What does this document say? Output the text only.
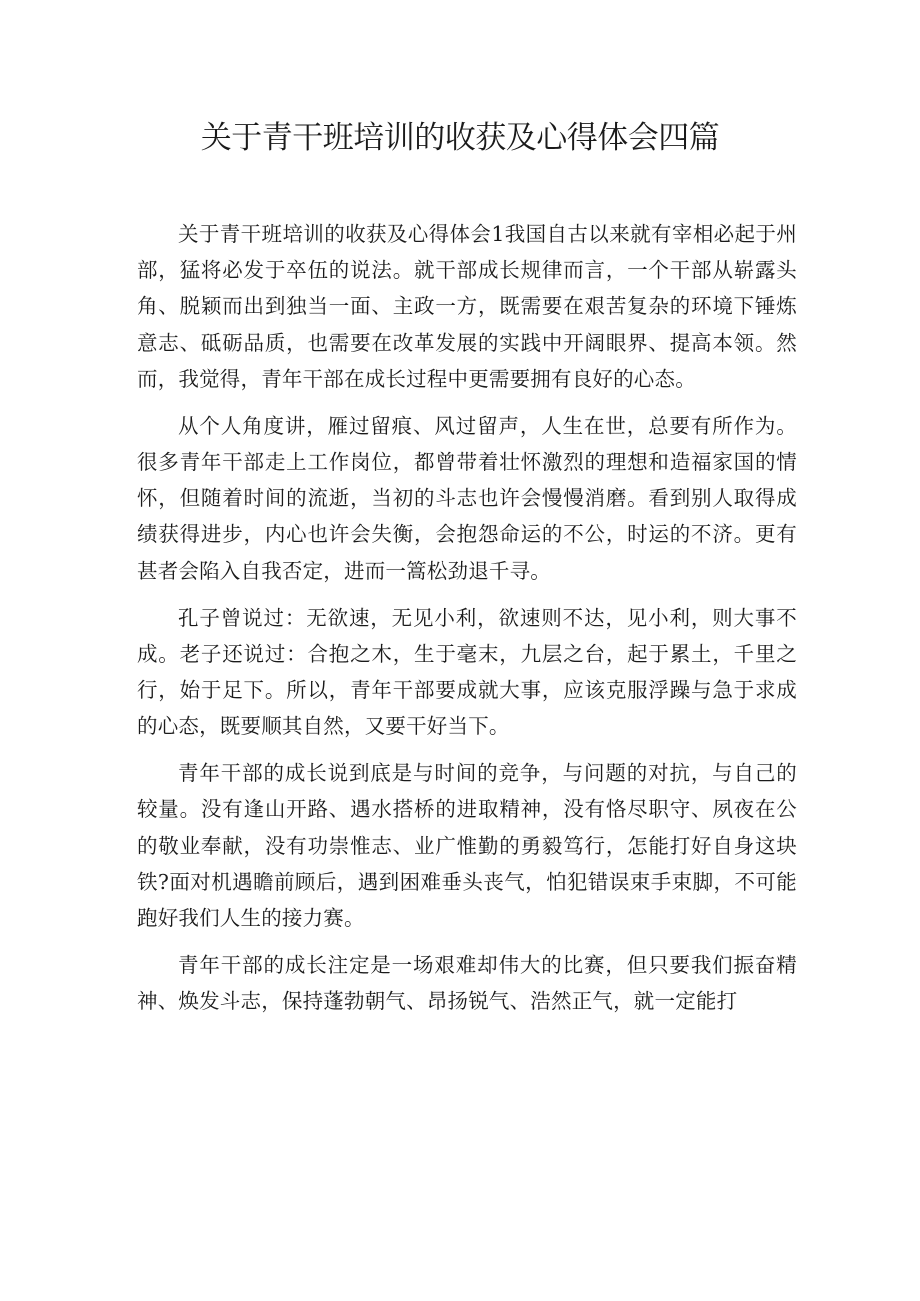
关于青干班培训的收获及心得体会四篇

关于青干班培训的收获及心得体会1我国自古以来就有宰相必起于州部，猛将必发于卒伍的说法。就干部成长规律而言，一个干部从崭露头角、脱颖而出到独当一面、主政一方，既需要在艰苦复杂的环境下锤炼意志、砥砺品质，也需要在改革发展的实践中开阔眼界、提高本领。然而，我觉得，青年干部在成长过程中更需要拥有良好的心态。

从个人角度讲，雁过留痕、风过留声，人生在世，总要有所作为。很多青年干部走上工作岗位，都曾带着壮怀激烈的理想和造福家国的情怀，但随着时间的流逝，当初的斗志也许会慢慢消磨。看到别人取得成绩获得进步，内心也许会失衡，会抱怨命运的不公，时运的不济。更有甚者会陷入自我否定，进而一篙松劲退千寻。

孔子曾说过：无欲速，无见小利，欲速则不达，见小利，则大事不成。老子还说过：合抱之木，生于毫末，九层之台，起于累土，千里之行，始于足下。所以，青年干部要成就大事，应该克服浮躁与急于求成的心态，既要顺其自然，又要干好当下。

青年干部的成长说到底是与时间的竞争，与问题的对抗，与自己的较量。没有逢山开路、遇水搭桥的进取精神，没有恪尽职守、夙夜在公的敬业奉献，没有功崇惟志、业广惟勤的勇毅笃行，怎能打好自身这块铁?面对机遇瞻前顾后，遇到困难垂头丧气，怕犯错误束手束脚，不可能跑好我们人生的接力赛。

青年干部的成长注定是一场艰难却伟大的比赛，但只要我们振奋精神、焕发斗志，保持蓬勃朝气、昂扬锐气、浩然正气，就一定能打
